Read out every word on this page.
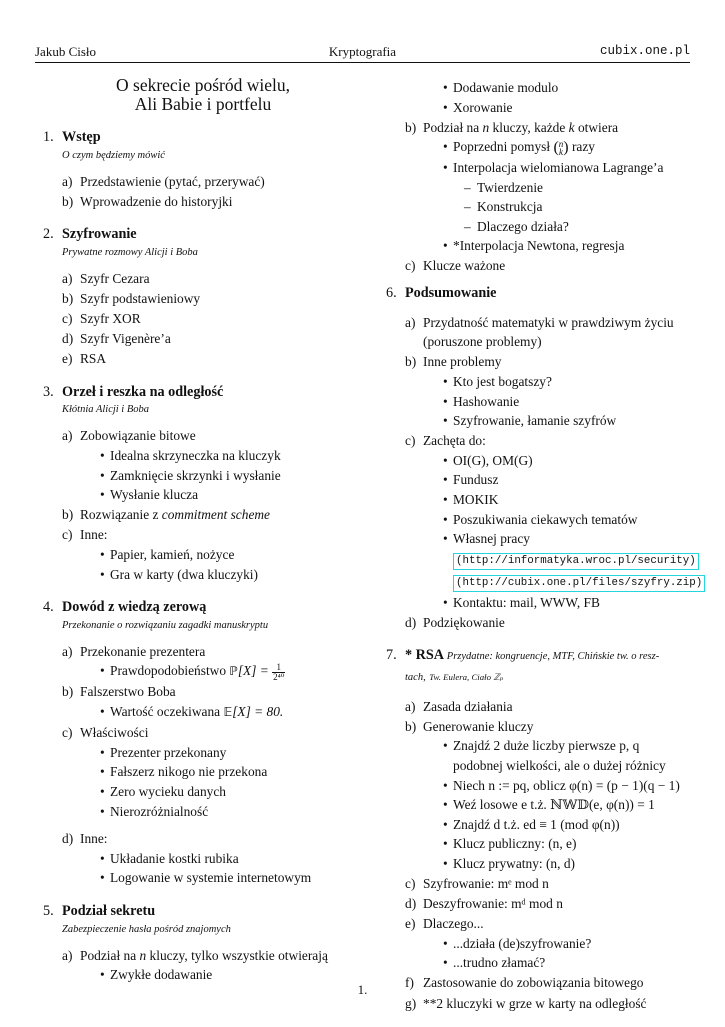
Jakub Cisło	Kryptografia	cubix.one.pl
O sekrecie pośród wielu,
Ali Babie i portfelu
1. Wstęp
O czym będziemy mówić
a) Przedstawienie (pytać, przerywać)
b) Wprowadzenie do historyjki
2. Szyfrowanie
Prywatne rozmowy Alicji i Boba
a) Szyfr Cezara
b) Szyfr podstawieniowy
c) Szyfr XOR
d) Szyfr Vigenère’a
e) RSA
3. Orzeł i reszka na odległość
Kłótnia Alicji i Boba
a) Zobowiązanie bitowe
• Idealna skrzyneczka na kluczyk
• Zamknięcie skrzynki i wysłanie
• Wysłanie klucza
b) Rozwiązanie z commitment scheme
c) Inne:
• Papier, kamień, nożyce
• Gra w karty (dwa kluczyki)
4. Dowód z wiedzą zerową
Przekonanie o rozwiązaniu zagadki manuskryptu
a) Przekonanie prezentera
• Prawdopodobieństwo ℙ[X] = $\frac{1}{\text{2⁴⁰}}$
b) Falszerstwo Boba
• Wartość oczekiwana 𝔼[X] = 80.
c) Właściwości
• Prezenter przekonany
• Fałszerz nikogo nie przekona
• Zero wycieku danych
• Nierozróżnialność
d) Inne:
• Układanie kostki rubika
• Logowanie w systemie internetowym
5. Podział sekretu
Zabezpieczenie hasła pośród znajomych
a) Podział na n kluczy, tylko wszystkie otwierają
• Zwykłe dodawanie
• Dodawanie modulo
• Xorowanie
b) Podział na n kluczy, każde k otwiera
• Poprzedni pomysł ( n
k ) razy
• Interpolacja wielomianowa Lagrange’a
– Twierdzenie
– Konstrukcja
– Dlaczego działa?
• *Interpolacja Newtona, regresja
c) Klucze ważone
6. Podsumowanie
a) Przydatność matematyki w prawdziwym życiu (poruszone problemy)
b) Inne problemy
• Kto jest bogatszy?
• Hashowanie
• Szyfrowanie, łamanie szyfrów
c) Zachęta do:
• OI(G), OM(G)
• Fundusz
• MOKIK
• Poszukiwania ciekawych tematów
• Własnej pracy
(http://informatyka.wroc.pl/security)
(http://cubix.one.pl/files/szyfry.zip)
• Kontaktu: mail, WWW, FB
d) Podziękowanie
7. * RSA Przydatne: kongruencje, MTF, Chińskie tw. o resz-
tach, Tw. Eulera, Ciało ℤₚ
a) Zasada działania
b) Generowanie kluczy
• Znajdź 2 duże liczby pierwsze p, q podobnej wielkości, ale o dużej różnicy
• Niech n := pq, oblicz φ(n) = (p − 1)(q − 1)
• Weź losowe e t.ż. ℕ𝕎𝔻(e, φ(n)) = 1
• Znajdź d t.ż. ed ≡ 1 (mod φ(n))
• Klucz publiczny: (n, e)
• Klucz prywatny: (n, d)
c) Szyfrowanie: mᵉ mod n
d) Deszyfrowanie: mᵈ mod n
e) Dlaczego...
• ...działa (de)szyfrowanie?
• ...trudno złamać?
f) Zastosowanie do zobowiązania bitowego
g) **2 kluczyki w grze w karty na odległość
1.
